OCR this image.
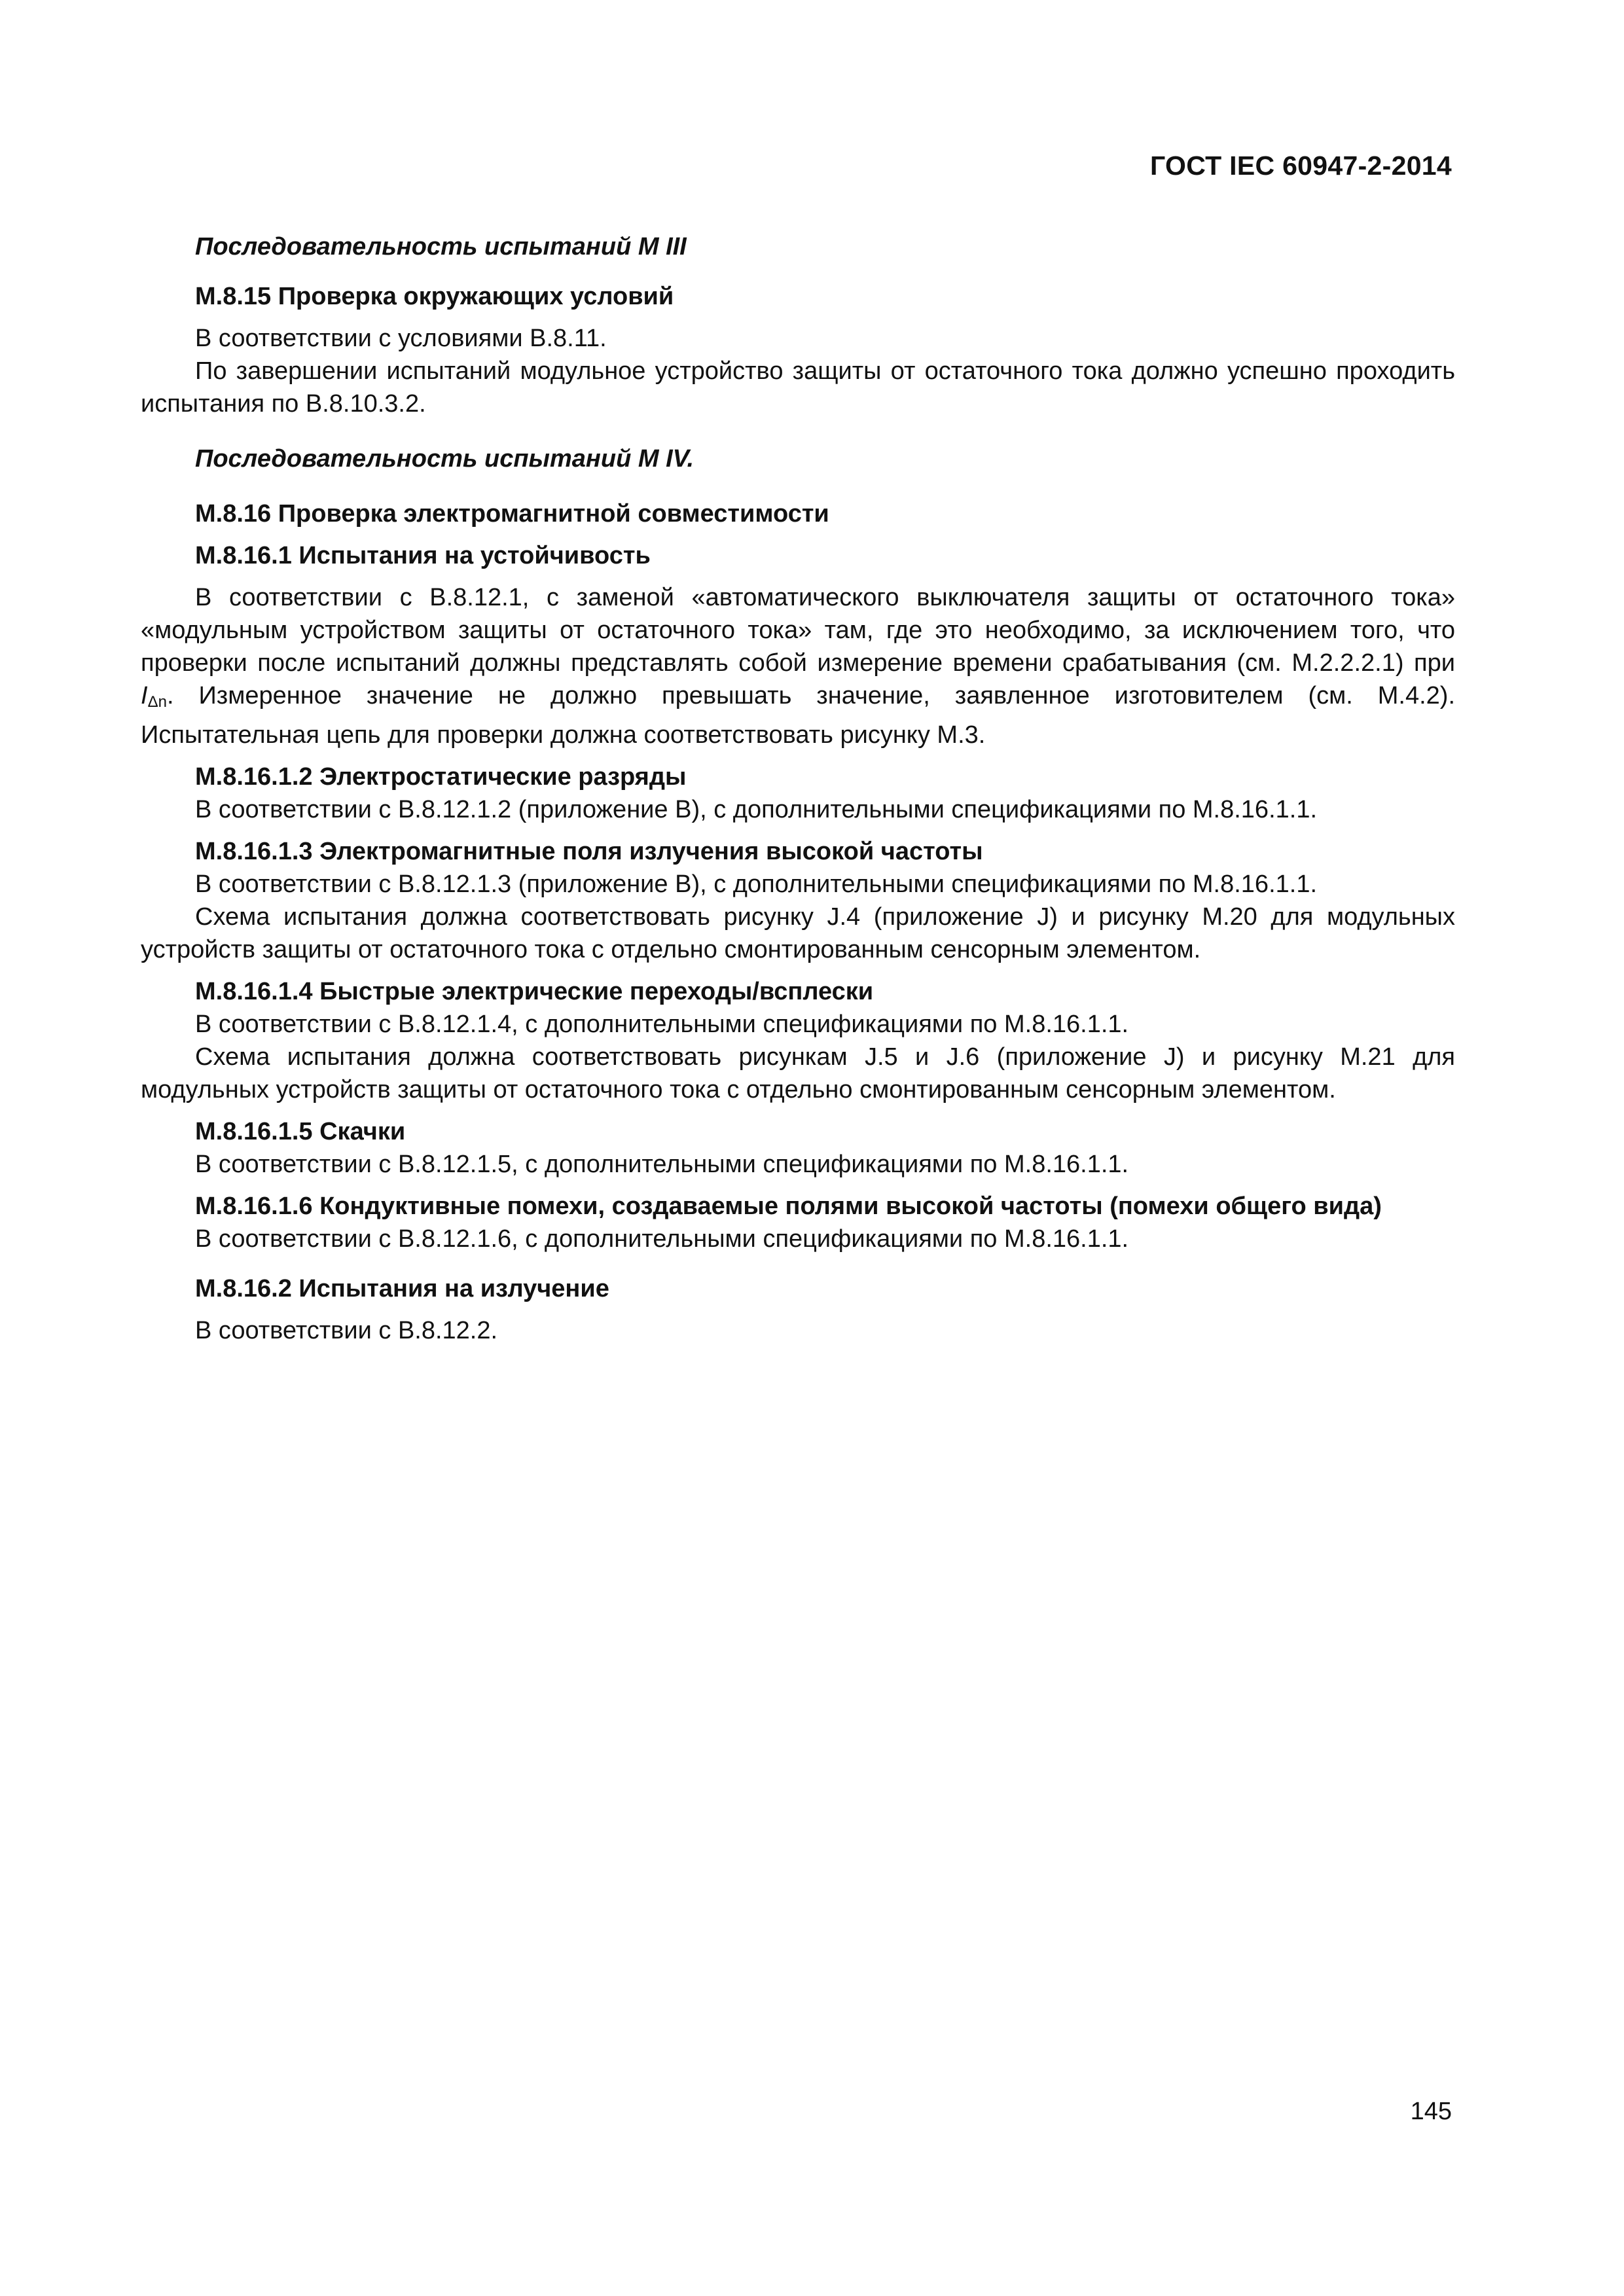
ГОСТ IEC 60947-2-2014

Последовательность испытаний M III

M.8.15 Проверка окружающих условий

В соответствии с условиями B.8.11.

По завершении испытаний модульное устройство защиты от остаточного тока должно успешно проходить испытания по B.8.10.3.2.

Последовательность испытаний M IV.

M.8.16 Проверка электромагнитной совместимости

M.8.16.1 Испытания на устойчивость

В соответствии с B.8.12.1, с заменой «автоматического выключателя защиты от остаточного тока» «модульным устройством защиты от остаточного тока» там, где это необходимо, за исключением того, что проверки после испытаний должны представлять собой измерение времени срабатывания (см. M.2.2.2.1) при $I_{\Delta n}$. Измеренное значение не должно превышать значение, заявленное изготовителем (см. M.4.2). Испытательная цепь для проверки должна соответствовать рисунку M.3.

M.8.16.1.2 Электростатические разряды

В соответствии с B.8.12.1.2 (приложение B), с дополнительными спецификациями по M.8.16.1.1.

M.8.16.1.3 Электромагнитные поля излучения высокой частоты

В соответствии с B.8.12.1.3 (приложение B), с дополнительными спецификациями по M.8.16.1.1.

Схема испытания должна соответствовать рисунку J.4 (приложение J) и рисунку M.20 для модульных устройств защиты от остаточного тока с отдельно смонтированным сенсорным элементом.

M.8.16.1.4 Быстрые электрические переходы/всплески

В соответствии с B.8.12.1.4, с дополнительными спецификациями по M.8.16.1.1.

Схема испытания должна соответствовать рисункам J.5 и J.6 (приложение J) и рисунку M.21 для модульных устройств защиты от остаточного тока с отдельно смонтированным сенсорным элементом.

M.8.16.1.5 Скачки

В соответствии с B.8.12.1.5, с дополнительными спецификациями по M.8.16.1.1.

M.8.16.1.6 Кондуктивные помехи, создаваемые полями высокой частоты (помехи общего вида)

В соответствии с B.8.12.1.6, с дополнительными спецификациями по M.8.16.1.1.

M.8.16.2 Испытания на излучение

В соответствии с B.8.12.2.

145
